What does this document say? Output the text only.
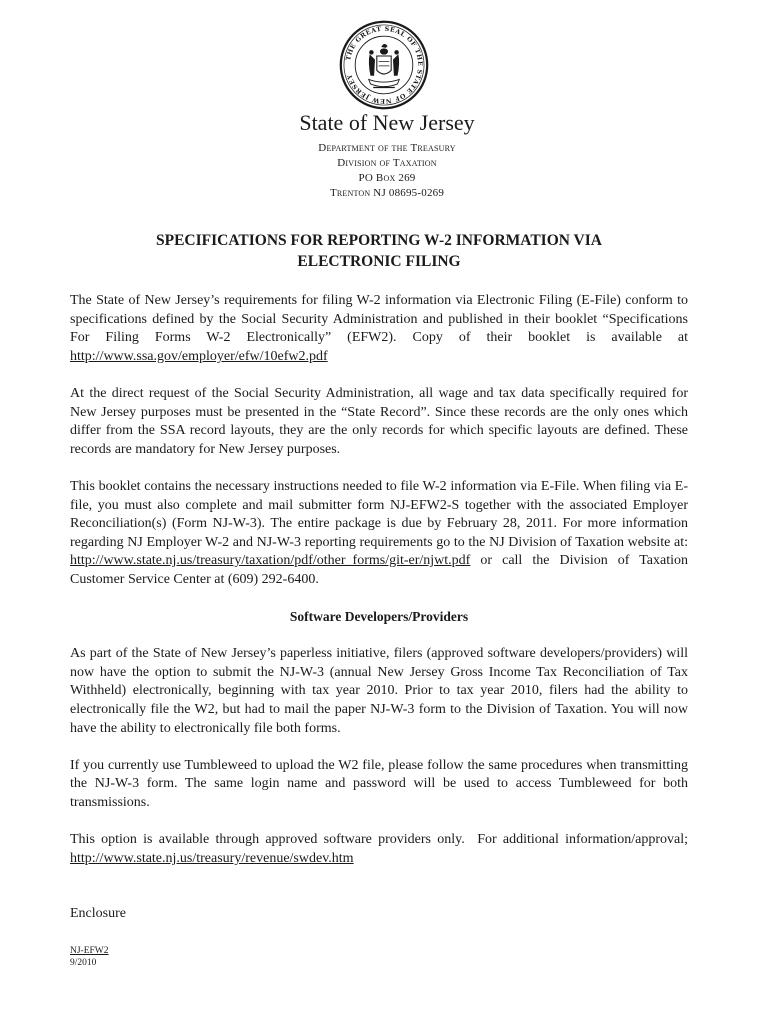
THE GREAT SEAL OF THE STATE OF NEW JERSEY
State of New Jersey

Department of the Treasury

Division of Taxation

PO Box 269

Trenton NJ 08695-0269

SPECIFICATIONS FOR REPORTING W-2 INFORMATION VIA
ELECTRONIC FILING

The State of New Jersey’s requirements for filing W-2 information via Electronic Filing (E-File) conform to specifications defined by the Social Security Administration and published in their booklet “Specifications For Filing Forms W-2 Electronically” (EFW2). Copy of their booklet is available at http://www.ssa.gov/employer/efw/10efw2.pdf

At the direct request of the Social Security Administration, all wage and tax data specifically required for New Jersey purposes must be presented in the “State Record”. Since these records are the only ones which differ from the SSA record layouts, they are the only records for which specific layouts are defined. These records are mandatory for New Jersey purposes.

This booklet contains the necessary instructions needed to file W-2 information via E-File. When filing via E-file, you must also complete and mail submitter form NJ-EFW2-S together with the associated Employer Reconciliation(s) (Form NJ-W-3). The entire package is due by February 28, 2011. For more information regarding NJ Employer W-2 and NJ-W-3 reporting requirements go to the NJ Division of Taxation website at: http://www.state.nj.us/treasury/taxation/pdf/other_forms/git-er/njwt.pdf or call the Division of Taxation Customer Service Center at (609) 292-6400.

Software Developers/Providers

As part of the State of New Jersey’s paperless initiative, filers (approved software developers/providers) will now have the option to submit the NJ-W-3 (annual New Jersey Gross Income Tax Reconciliation of Tax Withheld) electronically, beginning with tax year 2010. Prior to tax year 2010, filers had the ability to electronically file the W2, but had to mail the paper NJ-W-3 form to the Division of Taxation. You will now have the ability to electronically file both forms.

If you currently use Tumbleweed to upload the W2 file, please follow the same procedures when transmitting the NJ-W-3 form. The same login name and password will be used to access Tumbleweed for both transmissions.

This option is available through approved software providers only.  For additional information/approval; http://www.state.nj.us/treasury/revenue/swdev.htm

Enclosure

NJ-EFW2
9/2010
